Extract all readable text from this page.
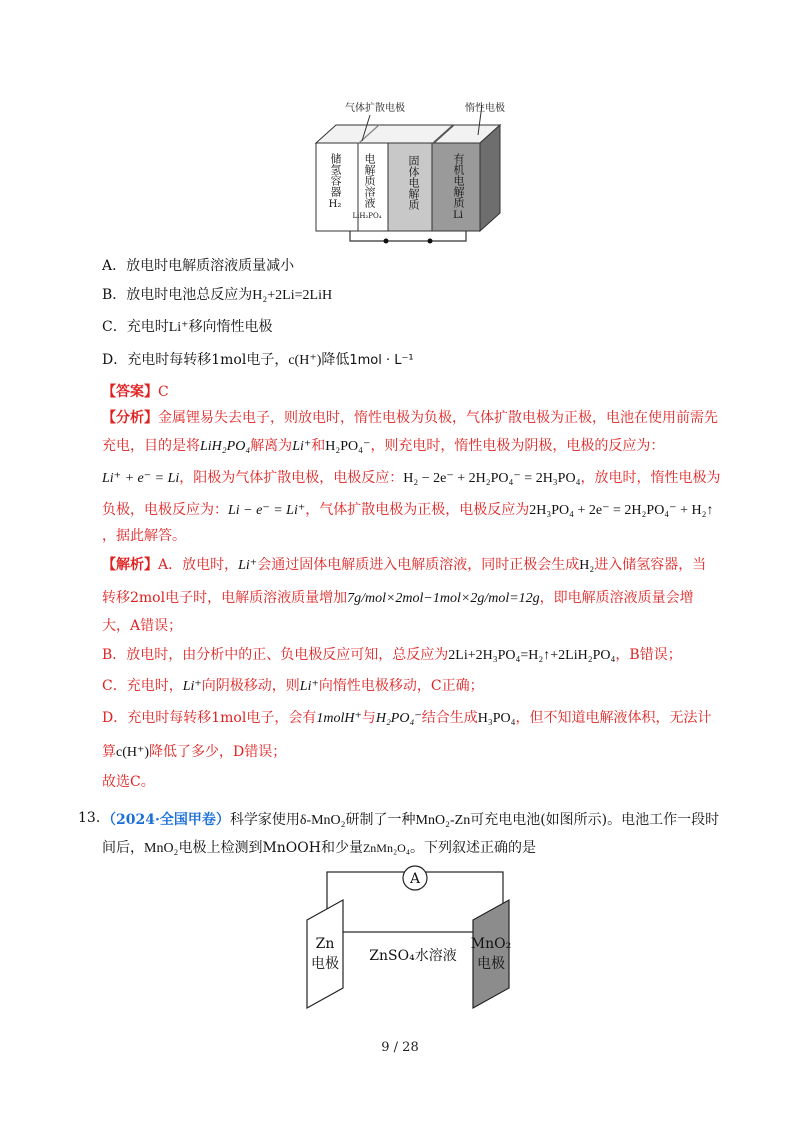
气体扩散电极	惰性电极
储氢容器
H₂	电解质溶液
LiH₂PO₄
固体电解质	有机电解质
Li
A．放电时电解质溶液质量减小
B．放电时电池总反应为H₂+2Li=2LiH
C．充电时Li⁺移向惰性电极
D．充电时每转移1mol电子，c(H⁺)降低1mol · L⁻¹
【答案】C
【分析】金属锂易失去电子，则放电时，惰性电极为负极，气体扩散电极为正极，电池在使用前需先
充电，目的是将LiH₂PO₄解离为Li⁺和H₂PO₄⁻，则充电时，惰性电极为阴极，电极的反应为：
Li⁺ + e⁻ = Li，阳极为气体扩散电极，电极反应：H₂ − 2e⁻ + 2H₂PO₄⁻ = 2H₃PO₄，放电时，惰性电极为
负极，电极反应为：Li − e⁻ = Li⁺，气体扩散电极为正极，电极反应为2H₃PO₄ + 2e⁻ = 2H₂PO₄⁻ + H₂↑
，据此解答。
【解析】A．放电时，Li⁺会通过固体电解质进入电解质溶液，同时正极会生成H₂进入储氢容器，当
转移2mol电子时，电解质溶液质量增加7g/mol×2mol−1mol×2g/mol=12g，即电解质溶液质量会增
大，A错误；
B．放电时，由分析中的正、负电极反应可知，总反应为2Li+2H₃PO₄=H₂↑+2LiH₂PO₄，B错误；
C．充电时，Li⁺向阴极移动，则Li⁺向惰性电极移动，C正确；
D．充电时每转移1mol电子，会有1molH⁺与H₂PO₄⁻结合生成H₃PO₄，但不知道电解液体积，无法计
算c(H⁺)降低了多少，D错误；
故选C。
13. （2024·全国甲卷）科学家使用δ-MnO₂研制了一种MnO₂-Zn可充电电池(如图所示)。电池工作一段时
间后，MnO₂电极上检测到MnOOH和少量ZnMn₂O₄。下列叙述正确的是
A
Zn
电极 ZnSO₄水溶液
MnO₂
电极
9 / 28
